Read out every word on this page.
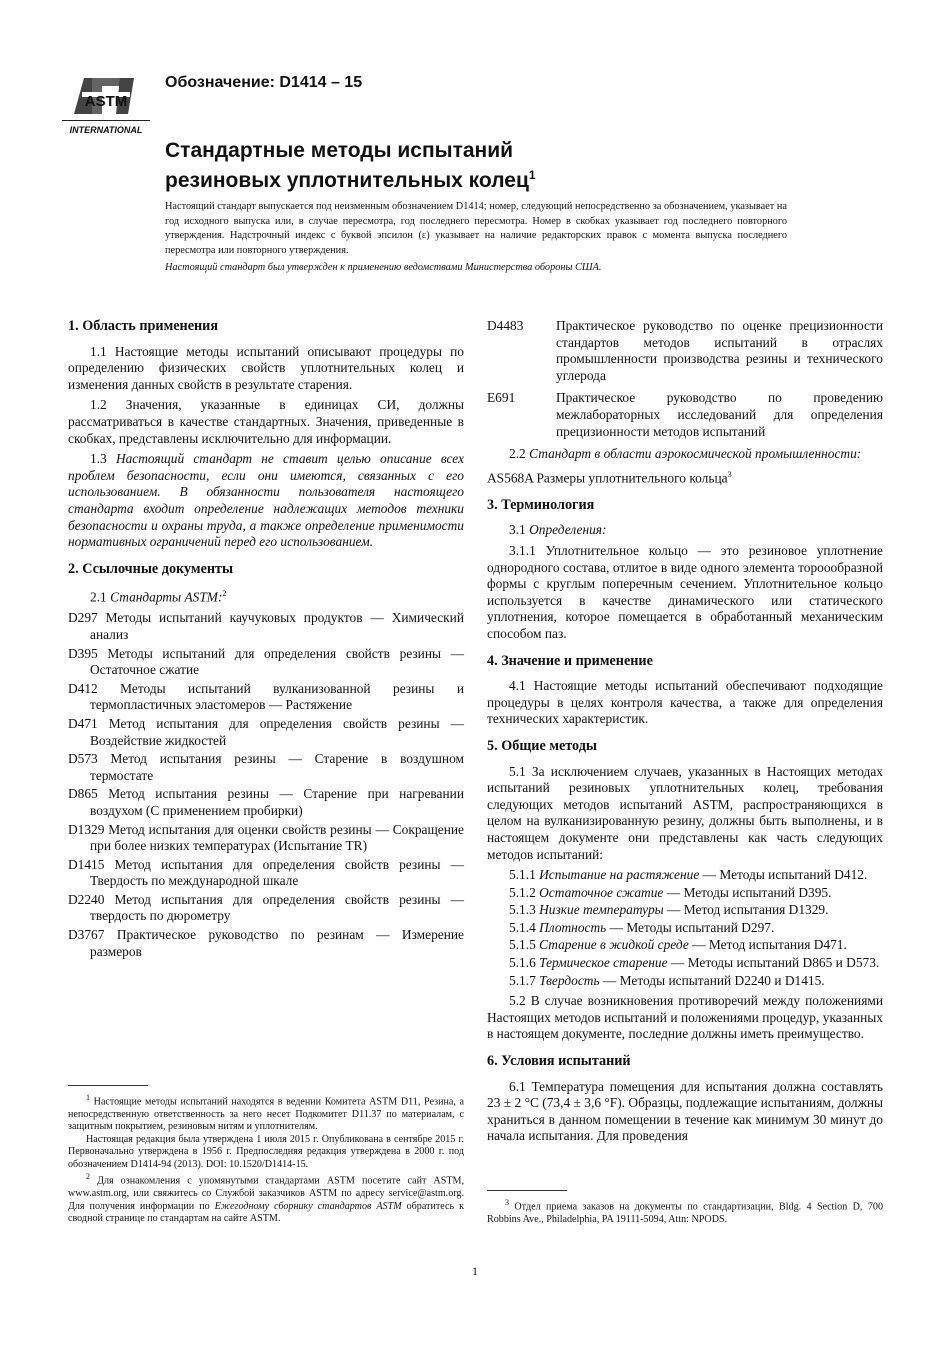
ASTM
INTERNATIONAL
Обозначение: D1414 – 15
Стандартные методы испытаний
резиновых уплотнительных колец$^1$
Настоящий стандарт выпускается под неизменным обозначением D1414; номер, следующий непосредственно за обозначением, указывает на год исходного выпуска или, в случае пересмотра, год последнего пересмотра. Номер в скобках указывает год последнего повторного утверждения. Надстрочный индекс с буквой эпсилон (ε) указывает на наличие редакторских правок с момента выпуска последнего пересмотра или повторного утверждения.
Настоящий стандарт был утвержден к применению ведомствами Министерства обороны США.
1. Область применения

1.1 Настоящие методы испытаний описывают процедуры по определению физических свойств уплотнительных колец и изменения данных свойств в результате старения.

1.2 Значения, указанные в единицах СИ, должны рассматриваться в качестве стандартных. Значения, приведенные в скобках, представлены исключительно для информации.

1.3 Настоящий стандарт не ставит целью описание всех проблем безопасности, если они имеются, связанных с его использованием. В обязанности пользователя настоящего стандарта входит определение надлежащих методов техники безопасности и охраны труда, а также определение применимости нормативных ограничений перед его использованием.

2. Ссылочные документы

2.1 Стандарты ASTM:$^2$

D297 Методы испытаний каучуковых продуктов — Химический анализ

D395 Методы испытаний для определения свойств резины — Остаточное сжатие

D412 Методы испытаний вулканизованной резины и термопластичных эластомеров — Растяжение

D471 Метод испытания для определения свойств резины — Воздействие жидкостей

D573 Метод испытания резины — Старение в воздушном термостате

D865 Метод испытания резины — Старение при нагревании воздухом (С применением пробирки)

D1329 Метод испытания для оценки свойств резины — Сокращение при более низких температурах (Испытание TR)

D1415 Метод испытания для определения свойств резины — Твердость по международной шкале

D2240 Метод испытания для определения свойств резины — твердость по дюрометру

D3767 Практическое руководство по резинам — Измерение размеров

$^1$ Настоящие методы испытаний находятся в ведении Комитета ASTM D11, Резина, а непосредственную ответственность за него несет Подкомитет D11.37 по материалам, с защитным покрытием, резиновым нитям и уплотнителям.

Настоящая редакция была утверждена 1 июля 2015 г. Опубликована в сентябре 2015 г. Первоначально утверждена в 1956 г. Предпоследняя редакция утверждена в 2000 г. под обозначением D1414-94 (2013). DOI: 10.1520/D1414-15.

$^2$ Для ознакомления с упомянутыми стандартами ASTM посетите сайт ASTM, www.astm.org, или свяжитесь со Службой заказчиков ASTM по адресу service@astm.org. Для получения информации по Ежегодному сборнику стандартов ASTM обратитесь к сводной странице по стандартам на сайте ASTM.

D4483	Практическое руководство по оценке прецизионности стандартов методов испытаний в отраслях промышленности производства резины и технического углерода
E691	Практическое руководство по проведению межлабораторных исследований для определения прецизионности методов испытаний

2.2 Стандарт в области аэрокосмической промышленности:

AS568A Размеры уплотнительного кольца$^3$

3. Терминология

3.1 Определения:

3.1.1 Уплотнительное кольцо — это резиновое уплотнение однородного состава, отлитое в виде одного элемента тороообразной формы с круглым поперечным сечением. Уплотнительное кольцо используется в качестве динамического или статического уплотнения, которое помещается в обработанный механическим способом паз.

4. Значение и применение

4.1 Настоящие методы испытаний обеспечивают подходящие процедуры в целях контроля качества, а также для определения технических характеристик.

5. Общие методы

5.1 За исключением случаев, указанных в Настоящих методах испытаний резиновых уплотнительных колец, требования следующих методов испытаний ASTM, распространяющихся в целом на вулканизированную резину, должны быть выполнены, и в настоящем документе они представлены как часть следующих методов испытаний:

5.1.1 Испытание на растяжение — Методы испытаний D412.

5.1.2 Остаточное сжатие — Методы испытаний D395.

5.1.3 Низкие температуры — Метод испытания D1329.

5.1.4 Плотность — Методы испытаний D297.

5.1.5 Старение в жидкой среде — Метод испытания D471.

5.1.6 Термическое старение — Методы испытаний D865 и D573.

5.1.7 Твердость — Методы испытаний D2240 и D1415.

5.2 В случае возникновения противоречий между положениями Настоящих методов испытаний и положениями процедур, указанных в настоящем документе, последние должны иметь преимущество.

6. Условия испытаний

6.1 Температура помещения для испытания должна составлять 23 ± 2 °C (73,4 ± 3,6 °F). Образцы, подлежащие испытаниям, должны храниться в данном помещении в течение как минимум 30 минут до начала испытания. Для проведения

$^3$ Отдел приема заказов на документы по стандартизации, Bldg. 4 Section D, 700 Robbins Ave., Philadelphia, PA 19111-5094, Attn: NPODS.

1
